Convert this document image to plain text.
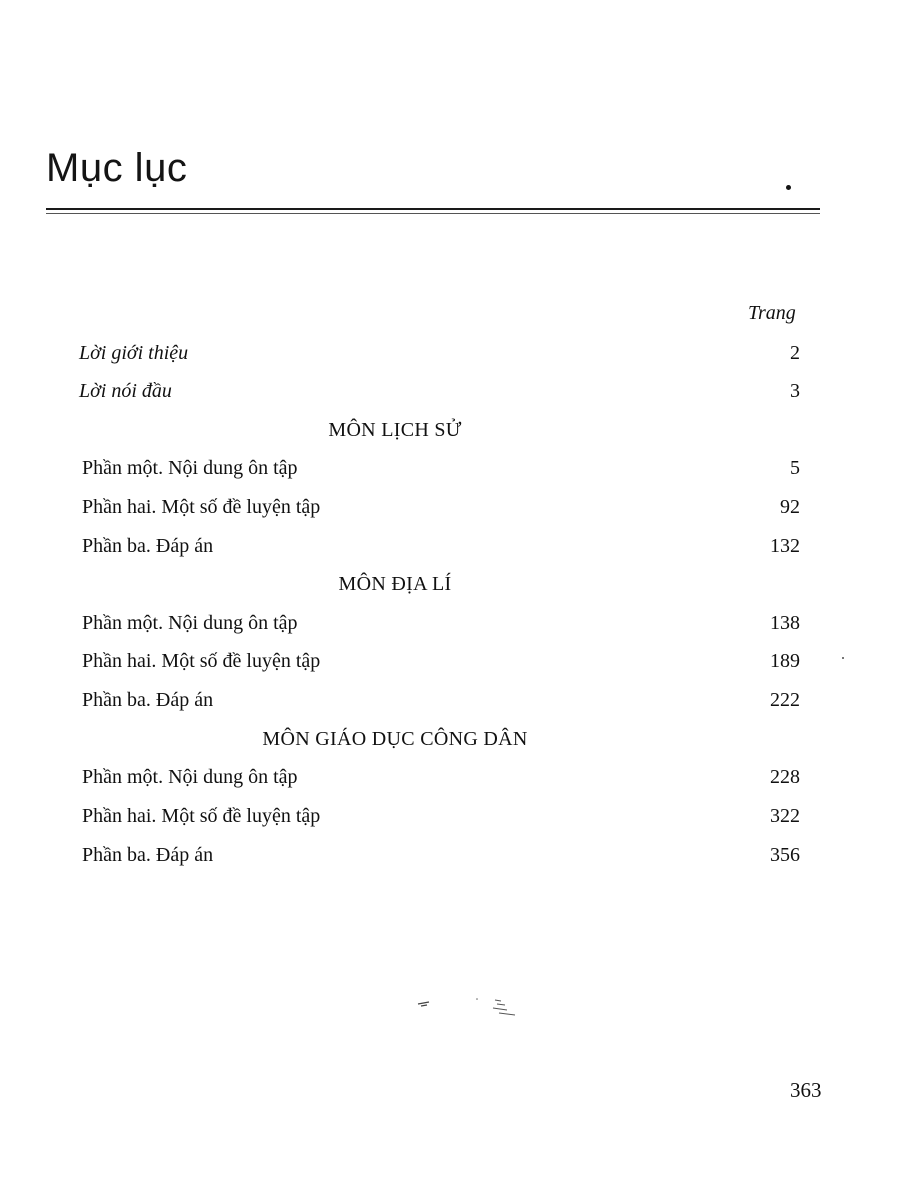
Mục lục
Trang
Lời giới thiệu	2
Lời nói đầu	3
MÔN LỊCH SỬ
Phần một. Nội dung ôn tập	5
Phần hai. Một số đề luyện tập	92
Phần ba. Đáp án	132
MÔN ĐỊA LÍ
Phần một. Nội dung ôn tập	138
Phần hai. Một số đề luyện tập	189
Phần ba. Đáp án	222
MÔN GIÁO DỤC CÔNG DÂN
Phần một. Nội dung ôn tập	228
Phần hai. Một số đề luyện tập	322
Phần ba. Đáp án	356
363
